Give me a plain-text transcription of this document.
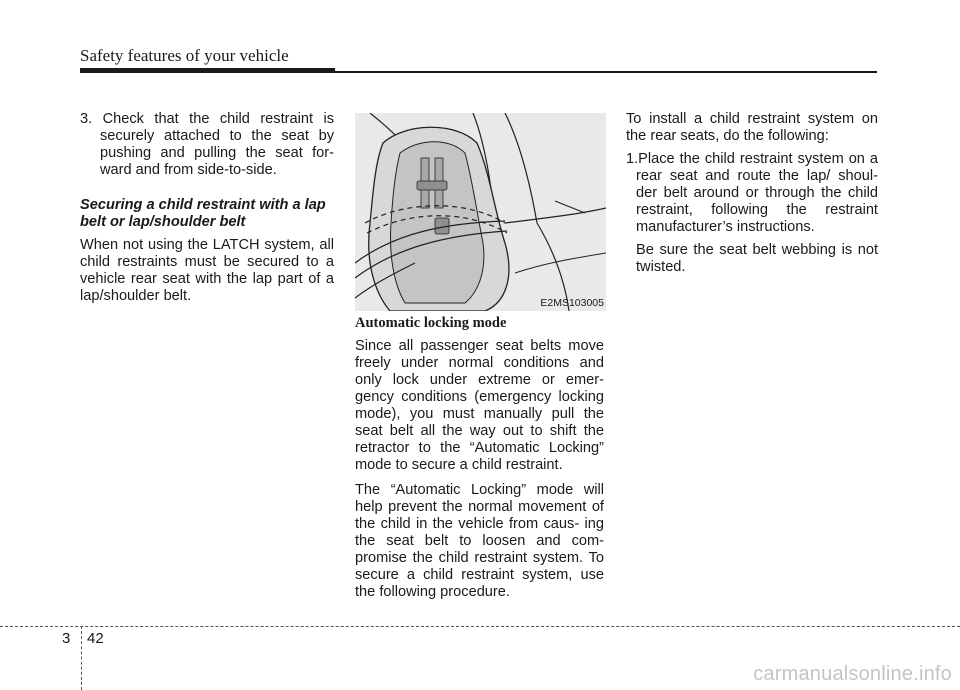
Safety features of your vehicle

3. Check that the child restraint is securely attached to the seat by pushing and pulling the seat for- ward and from side-to-side.

Securing a child restraint with a lap belt or lap/shoulder belt

When not using the LATCH system, all child restraints must be secured to a vehicle rear seat with the lap part of a lap/shoulder belt.	E2MS103005

Automatic locking mode

Since all passenger seat belts move freely under normal conditions and only lock under extreme or emer- gency conditions (emergency locking mode), you must manually pull the seat belt all the way out to shift the retractor to the “Automatic Locking” mode to secure a child restraint.

The “Automatic Locking” mode will help prevent the normal movement of the child in the vehicle from caus- ing the seat belt to loosen and com- promise the child restraint system. To secure a child restraint system, use the following procedure.

To install a child restraint system on the rear seats, do the following:

1.Place the child restraint system on a rear seat and route the lap/ shoul- der belt around or through the child restraint, following the restraint manufacturer’s instructions.

Be sure the seat belt webbing is not twisted.

3 42
carmanualsonline.info
